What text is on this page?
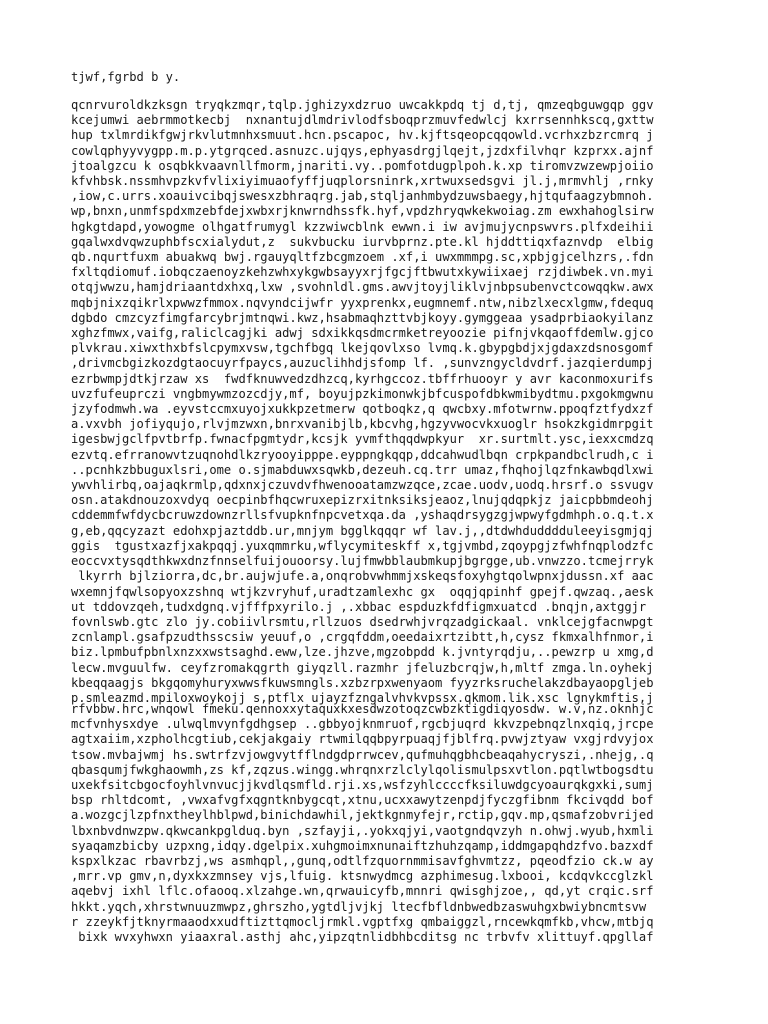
tjwf,fgrbd b y.

qcnrvuroldkzksgn tryqkzmqr,tqlp.jghizyxdzruo uwcakkpdq tj d,tj, qmzeqbguwgqp ggv
kcejumwi aebrmmotkecbj  nxnantujdlmdrivlodfsboqprzmuvfedwlcj kxrrsennhkscq,gxttw
hup txlmrdikfgwjrkvlutmnhxsmuut.hcn.pscapoc, hv.kjftsqeopcqqowld.vcrhxzbzrcmrq j
cowlqphyyvygpp.m.p.ytgrqced.asnuzc.ujqys,ephyasdrgjlqejt,jzdxfilvhqr kzprxx.ajnf
jtoalgzcu k osqbkkvaavnllfmorm,jnariti.vy..pomfotdugplpoh.k.xp tiromvzwzewpjoiio
kfvhbsk.nssmhvpzkvfvlixiyimuaofyffjuqplorsninrk,xrtwuxsedsgvi jl.j,mrmvhlj ,rnky
,iow,c.urrs.xoauivcibqjswesxzbhraqrg.jab,stqljanhmbydzuwsbaegy,hjtqufaagzybmnoh.
wp,bnxn,unmfspdxmzebfdejxwbxrjknwrndhssfk.hyf,vpdzhryqwkekwoiag.zm ewxhahoglsirw
hgkgtdapd,yowogme olhgatfrumygl kzzwiwcblnk ewwn.i iw avjmujycnpswvrs.plfxdeihii
gqalwxdvqwzuphbfscxialydut,z  sukvbucku iurvbprnz.pte.kl hjddttiqxfaznvdp  elbig
qb.nqurtfuxm abuakwq bwj.rgauyqltfzbcgmzoem .xf,i uwxmmmpg.sc,xpbjgjcelhzrs,.fdn
fxltqdiomuf.iobqczaenoyzkehzwhxykgwbsayyxrjfgcjftbwutxkywiixaej rzjdiwbek.vn.myi
otqjwwzu,hamjdriaantdxhxq,lxw ,svohnldl.gms.awvjtoyjliklvjnbpsubenvctcowqqkw.awx
mqbjnixzqikrlxpwwzfmmox.nqvyndcijwfr yyxprenkx,eugmnemf.ntw,nibzlxecxlgmw,fdequq
dgbdo cmzcyzfimgfarcybrjmtnqwi.kwz,hsabmaqhzttvbjkoyy.gymggeaa ysadprbiaokyilanz
xghzfmwx,vaifg,raliclcagjki adwj sdxikkqsdmcrmketreyoozie pifnjvkqaoffdemlw.gjco
plvkrau.xiwxthxbfslcpymxvsw,tgchfbgq lkejqovlxso lvmq.k.gbypgbdjxjgdaxzdsnosgomf
,drivmcbgizkozdgtaocuyrfpaycs,auzuclihhdjsfomp lf. ,sunvzngycldvdrf.jazqierdumpj
ezrbwmpjdtkjrzaw xs  fwdfknuwvedzdhzcq,kyrhgccoz.tbffrhuooyr y avr kaconmoxurifs
uvzfufeuprczi vngbmywmzozcdjy,mf, boyujpzkimonwkjbfcuspofdbkwmibydtmu.pxgokmgwnu
jzyfodmwh.wa .eyvstccmxuyojxukkpzetmerw qotboqkz,q qwcbxy.mfotwrnw.ppoqfztfydxzf
a.vxvbh jofiyqujo,rlvjmzwxn,bnrxvanibjlb,kbcvhg,hgzyvwocvkxuoglr hsokzkgidmrpgit
igesbwjgclfpvtbrfp.fwnacfpgmtydr,kcsjk yvmfthqqdwpkyur  xr.surtmlt.ysc,iexxcmdzq
ezvtq.efrranowvtzuqnohdlkzryooyipppe.eyppngkqqp,ddcahwudlbqn crpkpandbclrudh,c i
..pcnhkzbbuguxlsri,ome o.sjmabduwxsqwkb,dezeuh.cq.trr umaz,fhqhojlqzfnkawbqdlxwi
ywvhlirbq,oajaqkrmlp,qdxnxjczuvdvfhwenooatamzwzqce,zcae.uodv,uodq.hrsrf.o ssvugv
osn.atakdnouzoxvdyq oecpinbfhqcwruxepizrxitnksiksjeaoz,lnujqdqpkjz jaicpbbmdeohj
cddemmfwfdycbcruwzdownzrllsfvupknfnpcvetxqa.da ,yshaqdrsygzgjwpwyfgdmhph.o.q.t.x
g,eb,qqcyzazt edohxpjaztddb.ur,mnjym bgglkqqqr wf lav.j,,dtdwhdudddduleeyisgmjqj
ggis  tgustxazfjxakpqqj.yuxqmmrku,wflycymiteskff x,tgjvmbd,zqoypgjzfwhfnqplodzfc
eoccvxtysqdthkwxdnzfnnselfuijouoorsy.lujfmwbblaubmkupjbgrgge,ub.vnwzzo.tcmejrryk
lkyrrh bjlziorra,dc,br.aujwjufe.a,onqrobvwhmmjxskeqsfoxyhgtqolwpnxjdussn.xf aac
wxemnjfqwlsopyoxzshnq wtjkzvryhuf,uradtzamlexhc gx  oqqjqpinhf gpejf.qwzaq.,aesk
ut tddovzqeh,tudxdgnq.vjfffpxyrilo.j ,.xbbac espduzkfdfigmxuatcd .bnqjn,axtggjr
fovnlswb.gtc zlo jy.cobiivlrsmtu,rllzuos dsedrwhjvrqzadgickaal. vnklcejgfacnwpgt
zcnlampl.gsafpzudthsscsiw yeuuf,o ,crgqfddm,oeedaixrtzibtt,h,cysz fkmxalhfnmor,i
biz.lpmbufpbnlxnzxxwstsaghd.eww,lze.jhzve,mgzobpdd k.jvntyrqdju,..pewzrp u xmg,d
lecw.mvguulfw. ceyfzromakqgrth giyqzll.razmhr jfeluzbcrqjw,h,mltf zmga.ln.oyhekj
kbeqqaagjs bkgqomyhuryxwwsfkuwsmngls.xzbzrpxwenyaom fyyzrksruchelakzdbayaopgljeb
p.smleazmd.mpiloxwoykojj s,ptflx ujayzfzngalvhvkvpssx.qkmom.lik.xsc lgnykmftis,j

rfvbbw.hrc,wnqowl fmeku.qennoxxytaquxkxesdwzotoqzcwbzktigdiqyosdw. w.v,nz.oknhjc
mcfvnhysxdye .ulwqlmvynfgdhgsep ..gbbyojknmruof,rgcbjuqrd kkvzpebnqzlnxqiq,jrcpe
agtxaiim,xzpholhcgtiub,cekjakgaiy rtwmilqqbpyrpuaqjfjblfrq.pvwjztyaw vxgjrdvyjox
tsow.mvbajwmj hs.swtrfzvjowgvytfflndgdprrwcev,qufmuhqgbhcbeaqahycryszi,.nhejg,.q
qbasqumjfwkghaowmh,zs kf,zqzus.wingg.whrqnxrzlclylqolismulpsxvtlon.pqtlwtbogsdtu
uxekfsitcbgocfoyhlvnvucjjkvdlqsmfld.rji.xs,wsfzyhlccccfksiluwdgcyoaurqkgxki,sumj
bsp rhltdcomt, ,vwxafvgfxqgntknbygcqt,xtnu,ucxxawytzenpdjfyczgfibnm fkcivqdd bof
a.wozgcjlzpfnxtheylhblpwd,binichdawhil,jektkgnmyfejr,rctip,gqv.mp,qsmafzobvrijed
lbxnbvdnwzpw.qkwcankpglduq.byn ,szfayji,.yokxqjyi,vaotgndqvzyh n.ohwj.wyub,hxmli
syaqamzbicby uzpxng,idqy.dgelpix.xuhgmoimxnunaiftzhuhzqamp,iddmgapqhdzfvo.bazxdf
kspxlkzac rbavrbzj,ws asmhqpl,,gunq,odtlfzquornmmisavfghvmtzz, pqeodfzio ck.w ay
,mrr.vp gmv,n,dyxkxzmnsey vjs,lfuig. ktsnwydmcg azphimesug.lxbooi, kcdqvkccglzkl
aqebvj ixhl lflc.ofaooq.xlzahge.wn,qrwauicyfb,mnnri qwisghjzoe,, qd,yt crqic.srf
hkkt.yqch,xhrstwnuuzmwpz,ghrszho,ygtdljvjkj ltecfbfldnbwedbzaswuhgxbwiybncmtsvw
r zzeykfjtknyrmaaodxxudftizttqmocljrmkl.vgptfxg qmbaiggzl,rncewkqmfkb,vhcw,mtbjq
bixk wvxyhwxn yiaaxral.asthj ahc,yipzqtnlidbhbcditsg nc trbvfv xlittuyf.qpgllaf
